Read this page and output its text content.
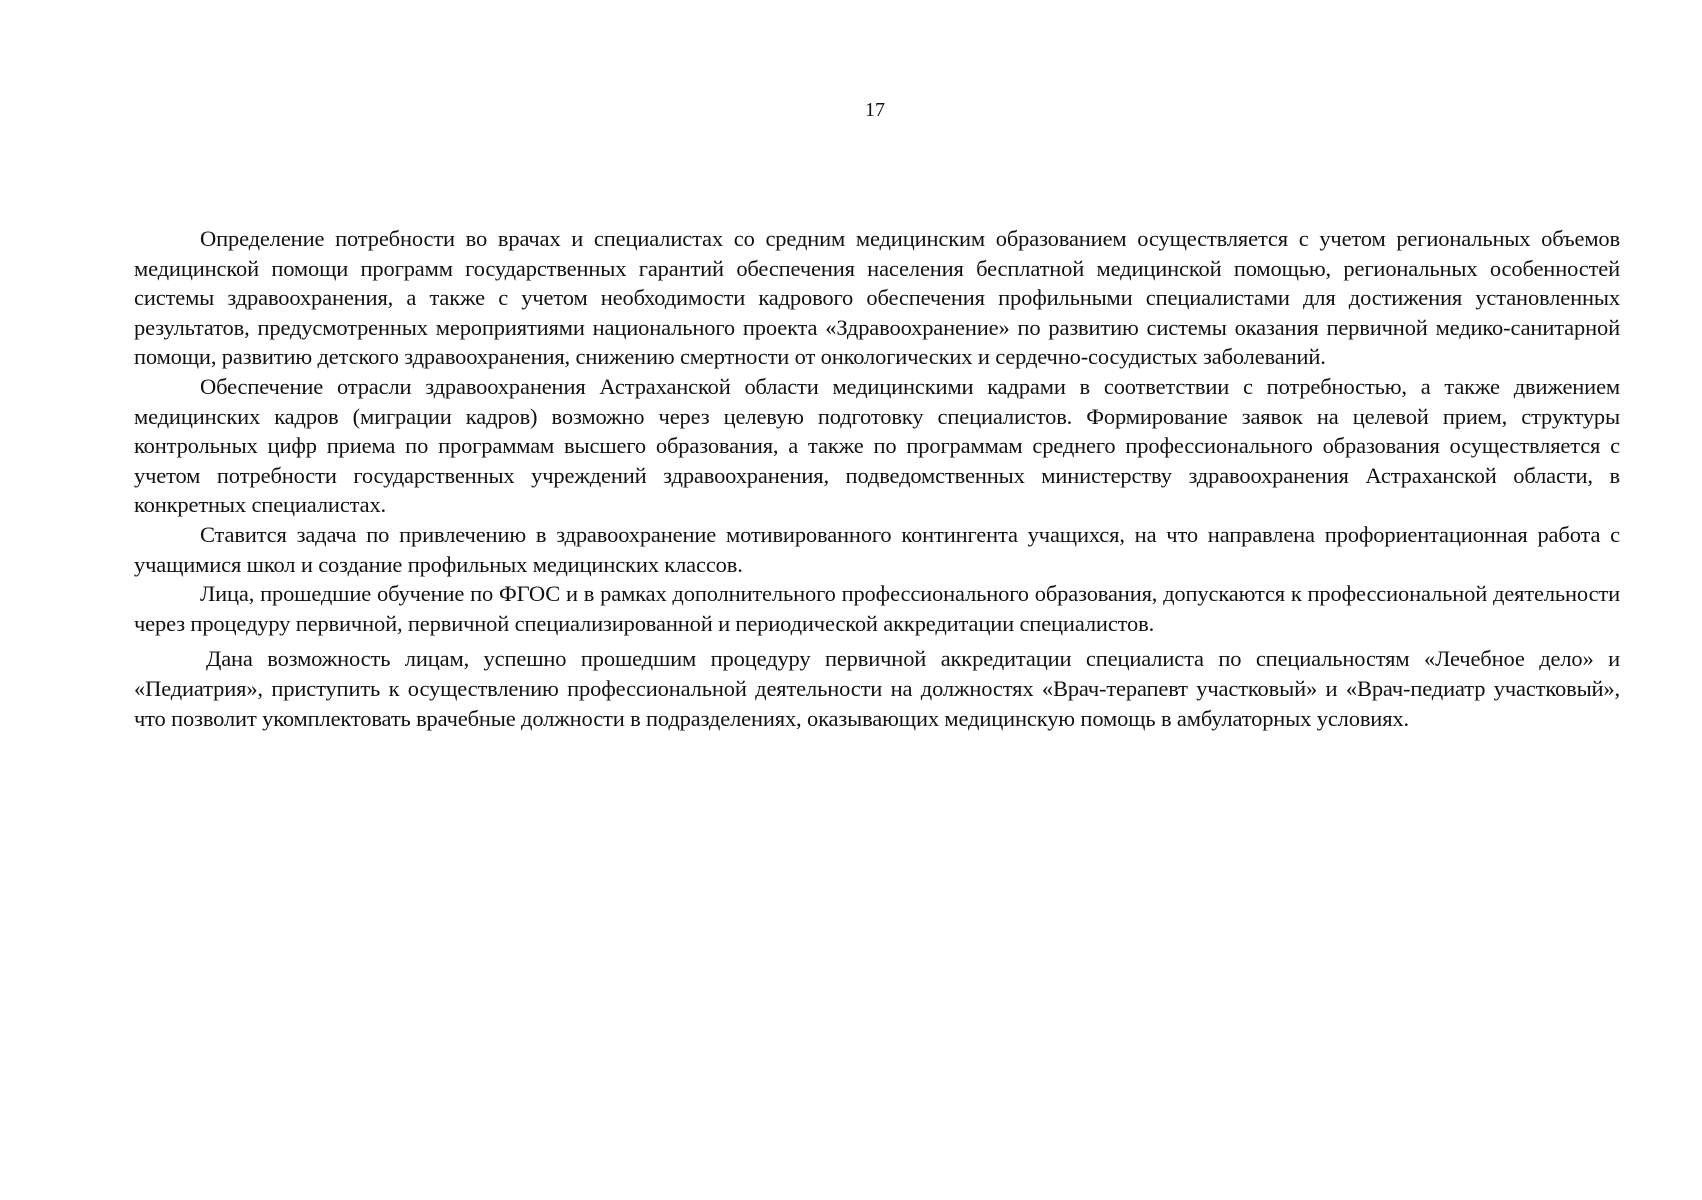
17

Определение потребности во врачах и специалистах со средним медицинским образованием осуществляется с учетом региональных объемов медицинской помощи программ государственных гарантий обеспечения населения бесплатной медицинской помощью, региональных особенностей системы здравоохранения, а также с учетом необходимости кадрового обеспечения профильными специалистами для достижения установленных результатов, предусмотренных мероприятиями национального проекта «Здравоохранение» по развитию системы оказания первичной медико-санитарной помощи, развитию детского здравоохранения, снижению смертности от онкологических и сердечно-сосудистых заболеваний.

Обеспечение отрасли здравоохранения Астраханской области медицинскими кадрами в соответствии с потребностью, а также движением медицинских кадров (миграции кадров) возможно через целевую подготовку специалистов. Формирование заявок на целевой прием, структуры контрольных цифр приема по программам высшего образования, а также по программам среднего профессионального образования осуществляется с учетом потребности государственных учреждений здравоохранения, подведомственных министерству здравоохранения Астраханской области, в конкретных специалистах.

Ставится задача по привлечению в здравоохранение мотивированного контингента учащихся, на что направлена профориентационная работа с учащимися школ и создание профильных медицинских классов.

Лица, прошедшие обучение по ФГОС и в рамках дополнительного профессионального образования, допускаются к профессиональной деятельности через процедуру первичной, первичной специализированной и периодической аккредитации специалистов.

Дана возможность лицам, успешно прошедшим процедуру первичной аккредитации специалиста по специальностям «Лечебное дело» и «Педиатрия», приступить к осуществлению профессиональной деятельности на должностях «Врач-терапевт участковый» и «Врач-педиатр участковый», что позволит укомплектовать врачебные должности в подразделениях, оказывающих медицинскую помощь в амбулаторных условиях.
